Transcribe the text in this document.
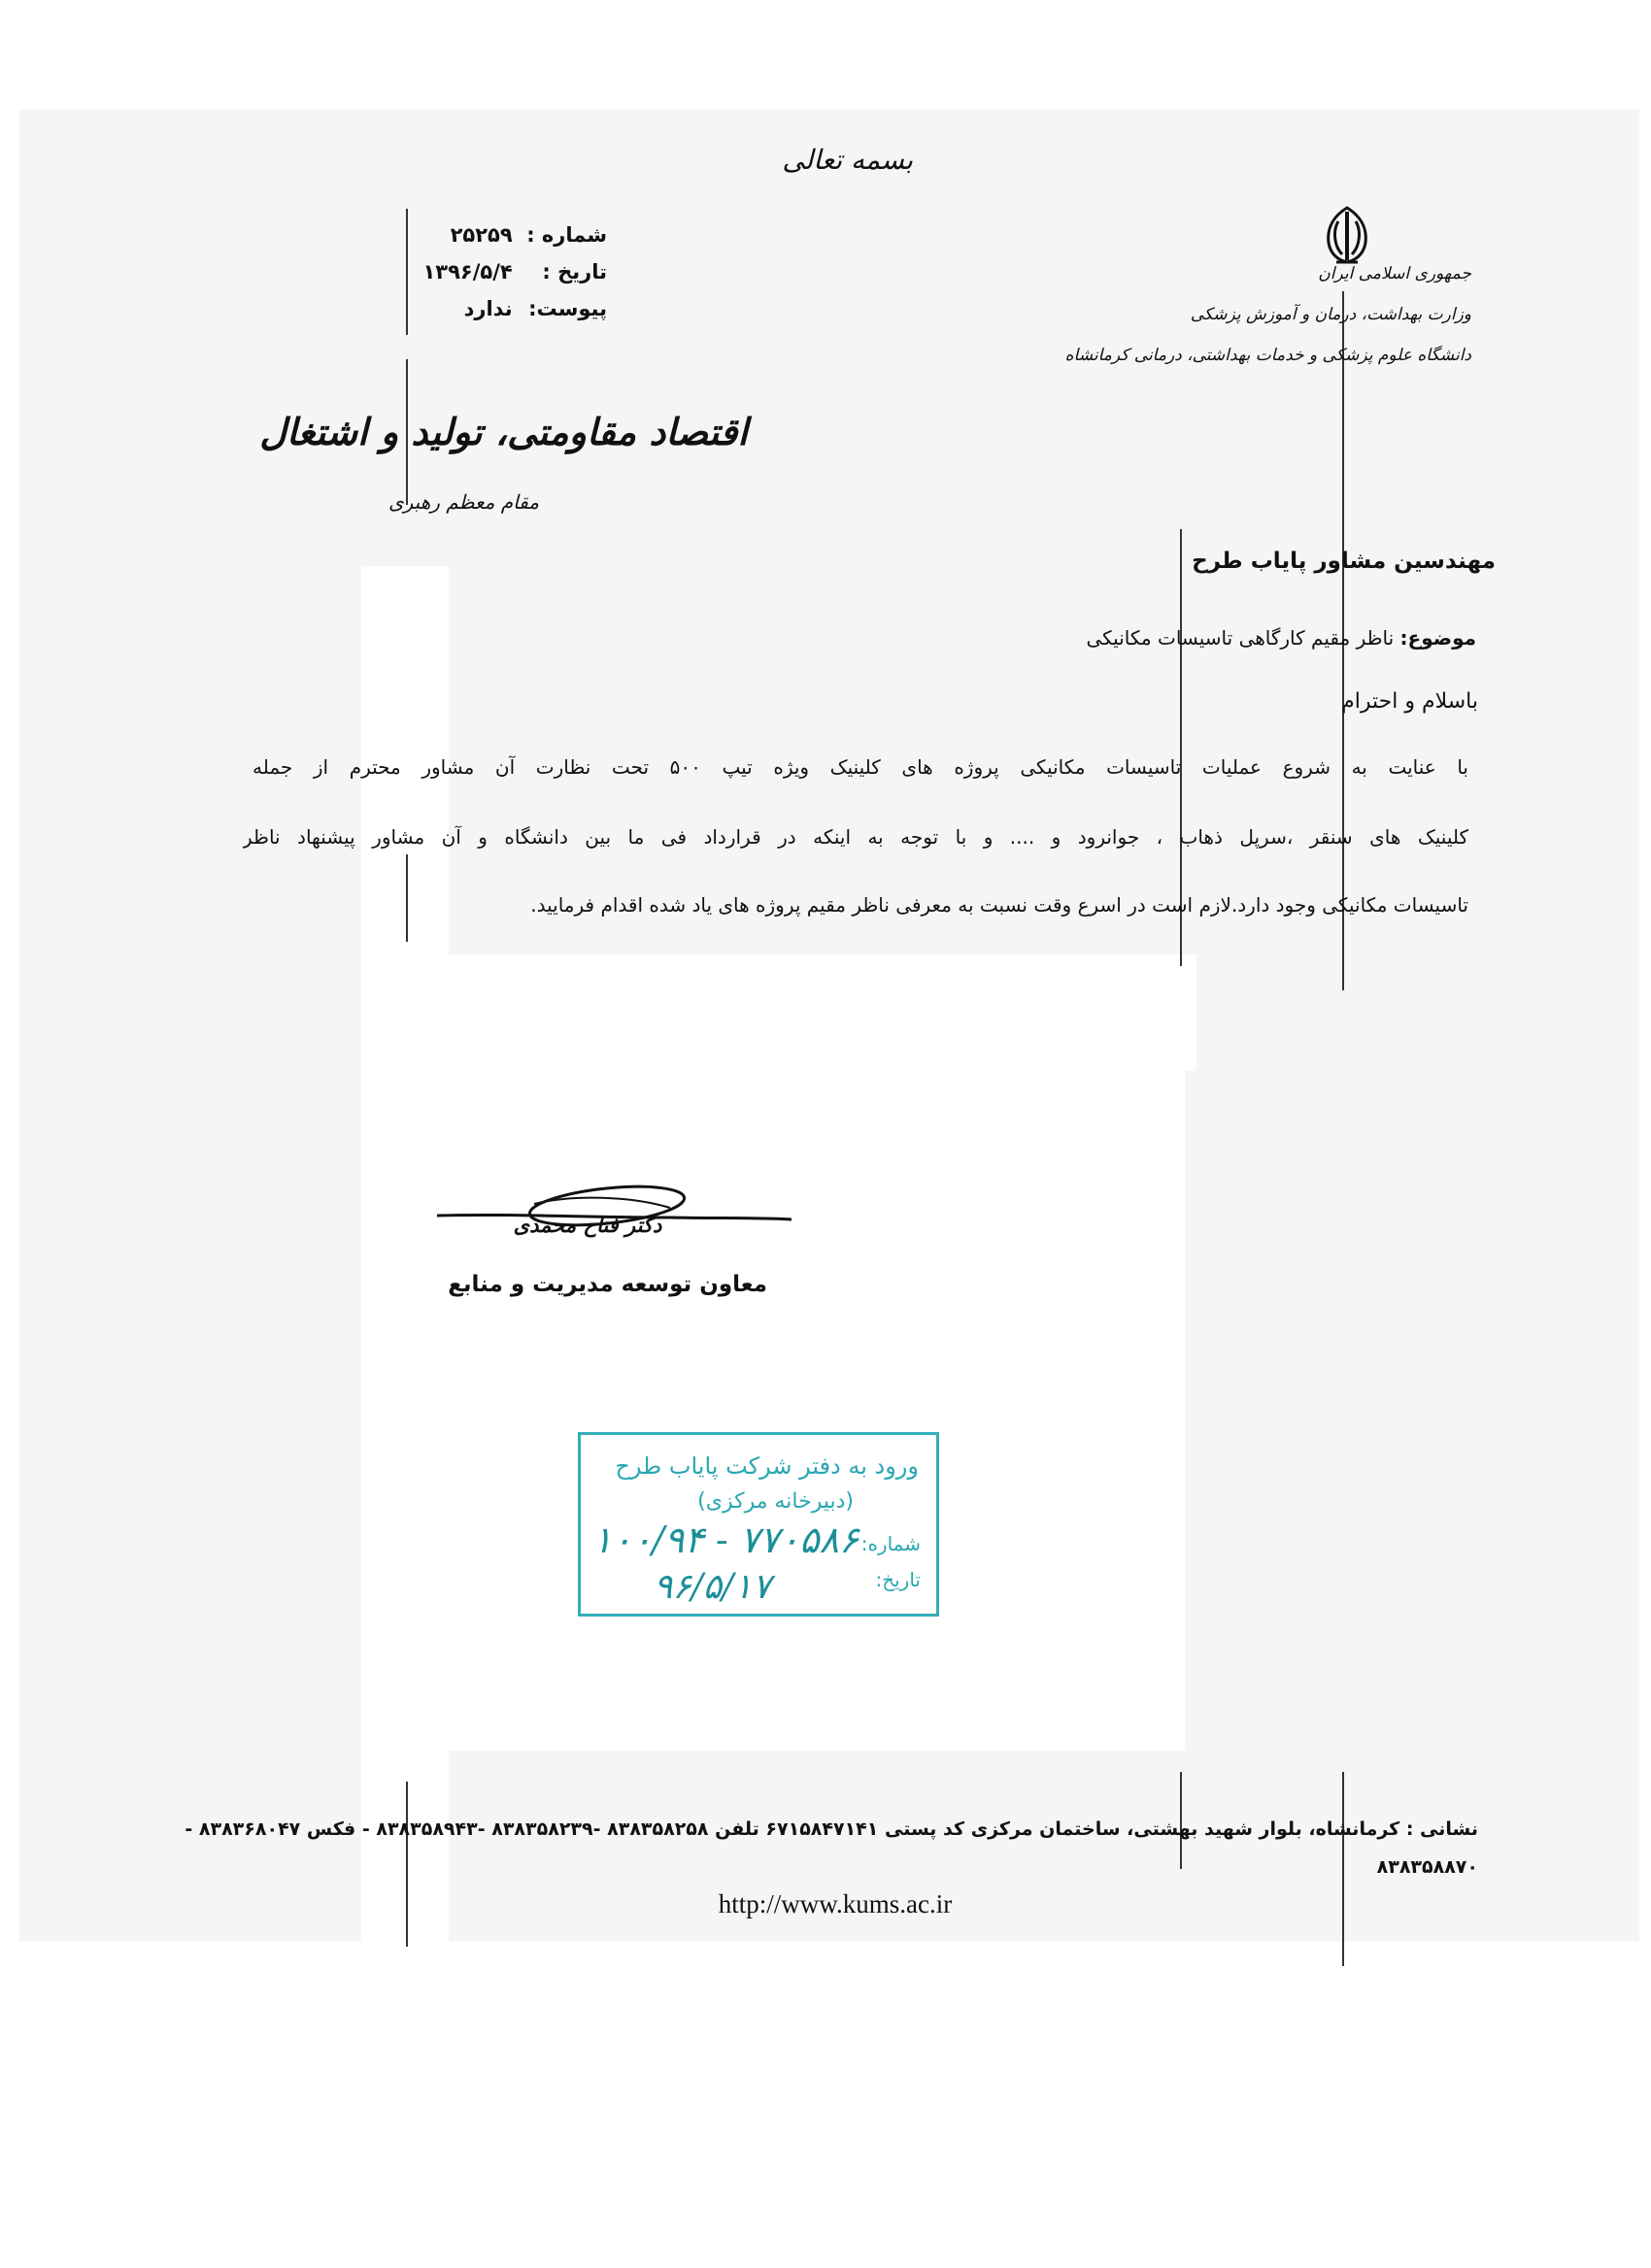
بسمه تعالی
شماره : ۲۵۲۵۹
تاریخ : ۱۳۹۶/۵/۴
پیوست: ندارد
جمهوری اسلامی ایران
وزارت بهداشت، درمان و آموزش پزشکی
دانشگاه علوم پزشکی و خدمات بهداشتی، درمانی کرمانشاه
اقتصاد مقاومتی، تولید و اشتغال
مقام معظم رهبری
مهندسین مشاور پایاب طرح
موضوع: ناظر مقیم کارگاهی تاسیسات مکانیکی
باسلام و احترام
با عنایت به شروع عملیات تاسیسات مکانیکی پروژه های کلینیک ویژه تیپ ۵۰۰ تحت نظارت آن مشاور محترم از جمله
کلینیک های سنقر ،سرپل ذهاب ، جوانرود و .... و با توجه به اینکه در قرارداد فی ما بین دانشگاه و آن مشاور پیشنهاد ناظر
تاسیسات مکانیکی وجود دارد.لازم است در اسرع وقت نسبت به معرفی ناظر مقیم پروژه های یاد شده اقدام فرمایید.
دکتر فتاح محمدی
معاون توسعه مدیریت و منابع
ورود به دفتر شرکت پایاب طرح
(دبیرخانه مرکزی)
شماره:
تاریخ:
۱۰۰/۹۴ - ۷۷۰۵۸۶
۹۶/۵/۱۷
نشانی : کرمانشاه، بلوار شهید بهشتی، ساختمان مرکزی کد پستی ۶۷۱۵۸۴۷۱۴۱ تلفن ۸۳۸۳۵۸۲۵۸ -۸۳۸۳۵۸۲۳۹ -۸۳۸۳۵۸۹۴۳ - فکس ۸۳۸۳۶۸۰۴۷ -
۸۳۸۳۵۸۸۷۰
http://www.kums.ac.ir
